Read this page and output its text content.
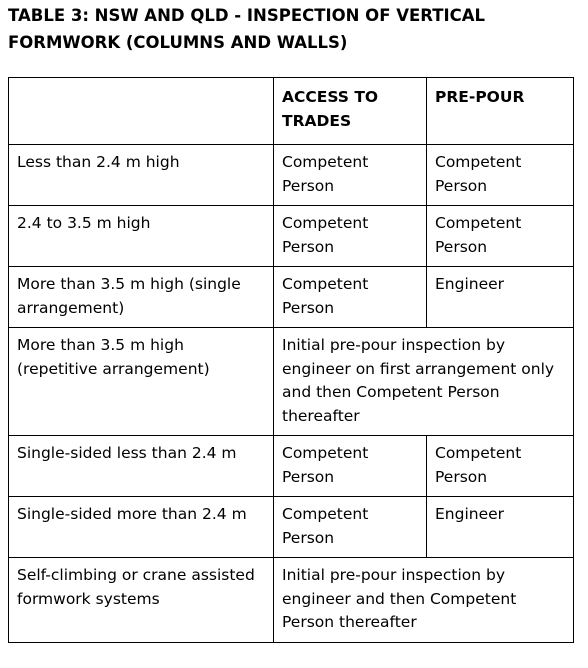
TABLE 3: NSW AND QLD - INSPECTION OF VERTICAL FORMWORK (COLUMNS AND WALLS)
	ACCESS TO TRADES	PRE-POUR
Less than 2.4 m high	Competent Person	Competent Person
2.4 to 3.5 m high	Competent Person	Competent Person
More than 3.5 m high (single arrangement)	Competent Person	Engineer
More than 3.5 m high (repetitive arrangement)	Initial pre-pour inspection by engineer on first arrangement only and then Competent Person thereafter	
Single-sided less than 2.4 m	Competent Person	Competent Person
Single-sided more than 2.4 m	Competent Person	Engineer
Self-climbing or crane assisted formwork systems	Initial pre-pour inspection by engineer and then Competent Person thereafter	
